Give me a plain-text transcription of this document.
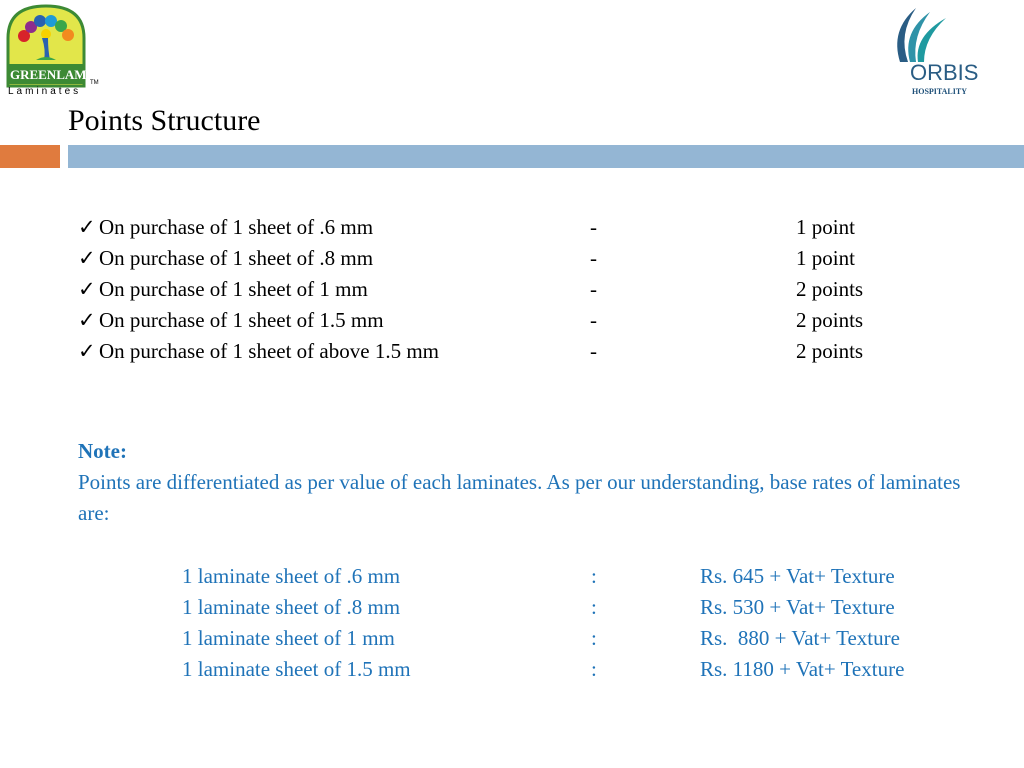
GREENLAM
TM
Laminates
ORBIS
HOSPITALITY
Points Structure
✓ On purchase of 1 sheet of .6 mm	-	1 point
✓ On purchase of 1 sheet of .8 mm	-	1 point
✓ On purchase of 1 sheet of 1 mm	-	2 points
✓ On purchase of 1 sheet of 1.5 mm	-	2 points
✓ On purchase of 1 sheet of above 1.5 mm	-	2 points
Note:
Points are differentiated as per value of each laminates. As per our understanding, base rates of laminates are:
1 laminate sheet of .6 mm	:	Rs. 645 + Vat+ Texture
1 laminate sheet of .8 mm	:	Rs. 530 + Vat+ Texture
1 laminate sheet of 1 mm	:	Rs.  880 + Vat+ Texture
1 laminate sheet of 1.5 mm	:	Rs. 1180 + Vat+ Texture
